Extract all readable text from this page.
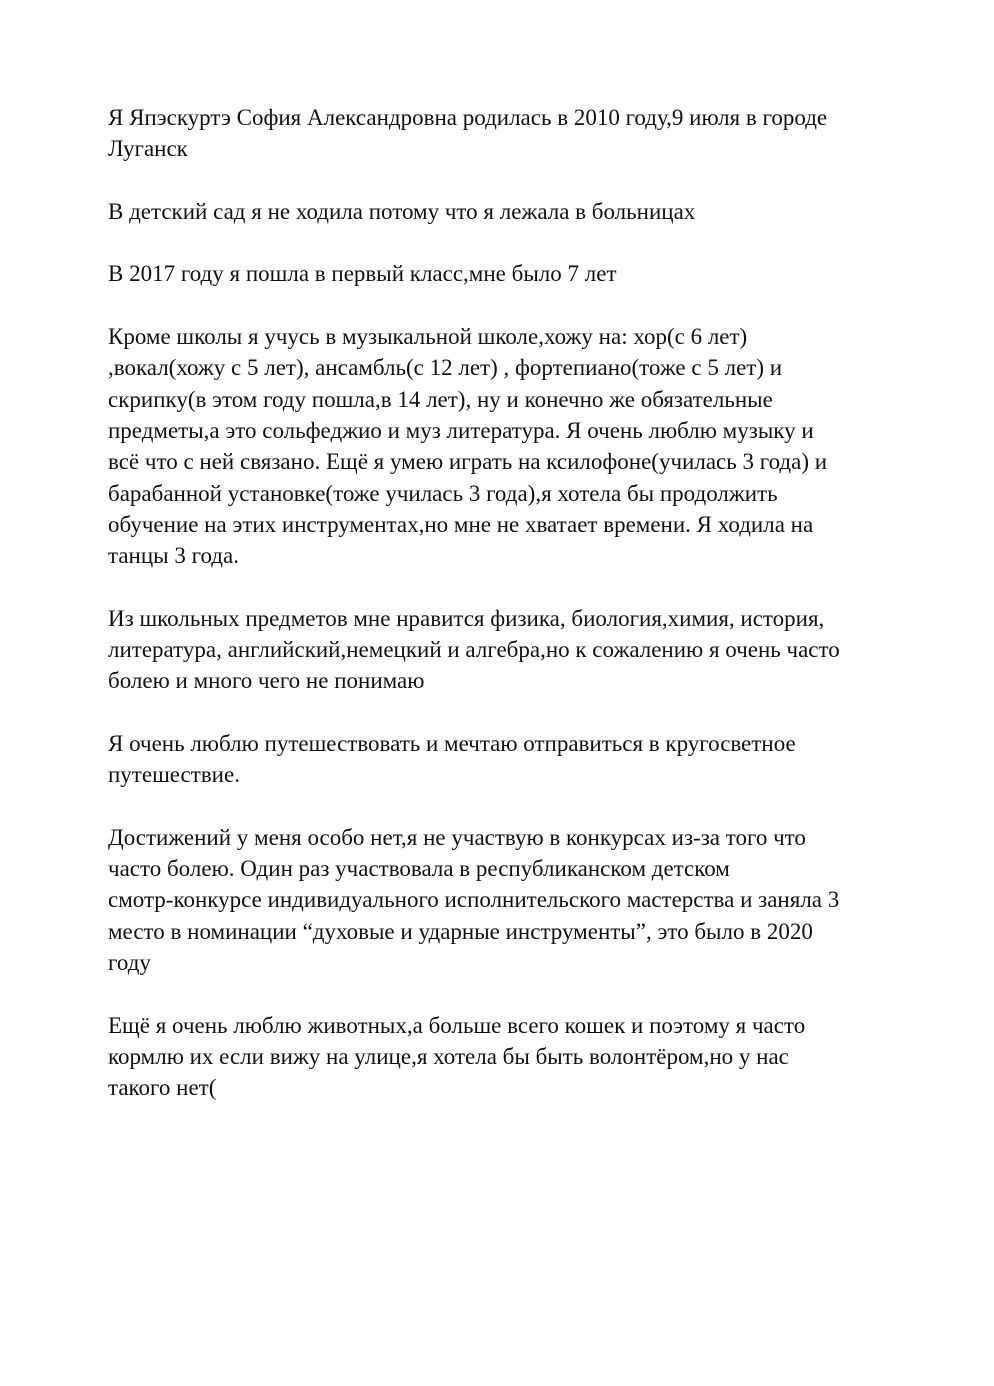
Я Япэскуртэ София Александровна родилась в 2010 году,9 июля в городе
Луганск

В детский сад я не ходила потому что я лежала в больницах

В 2017 году я пошла в первый класс,мне было 7 лет

Кроме школы я учусь в музыкальной школе,хожу на: хор(с 6 лет)
,вокал(хожу с 5 лет), ансамбль(с 12 лет) , фортепиано(тоже с 5 лет) и
скрипку(в этом году пошла,в 14 лет), ну и конечно же обязательные
предметы,а это сольфеджио и муз литература. Я очень люблю музыку и
всё что с ней связано. Ещё я умею играть на ксилофоне(училась 3 года) и
барабанной установке(тоже училась 3 года),я хотела бы продолжить
обучение на этих инструментах,но мне не хватает времени. Я ходила на
танцы 3 года.

Из школьных предметов мне нравится физика, биология,химия, история,
литература, английский,немецкий и алгебра,но к сожалению я очень часто
болею и много чего не понимаю

Я очень люблю путешествовать и мечтаю отправиться в кругосветное
путешествие.

Достижений у меня особо нет,я не участвую в конкурсах из-за того что
часто болею. Один раз участвовала в республиканском детском
смотр-конкурсе индивидуального исполнительского мастерства и заняла 3
место в номинации “духовые и ударные инструменты”, это было в 2020
году

Ещё я очень люблю животных,а больше всего кошек и поэтому я часто
кормлю их если вижу на улице,я хотела бы быть волонтёром,но у нас
такого нет(
